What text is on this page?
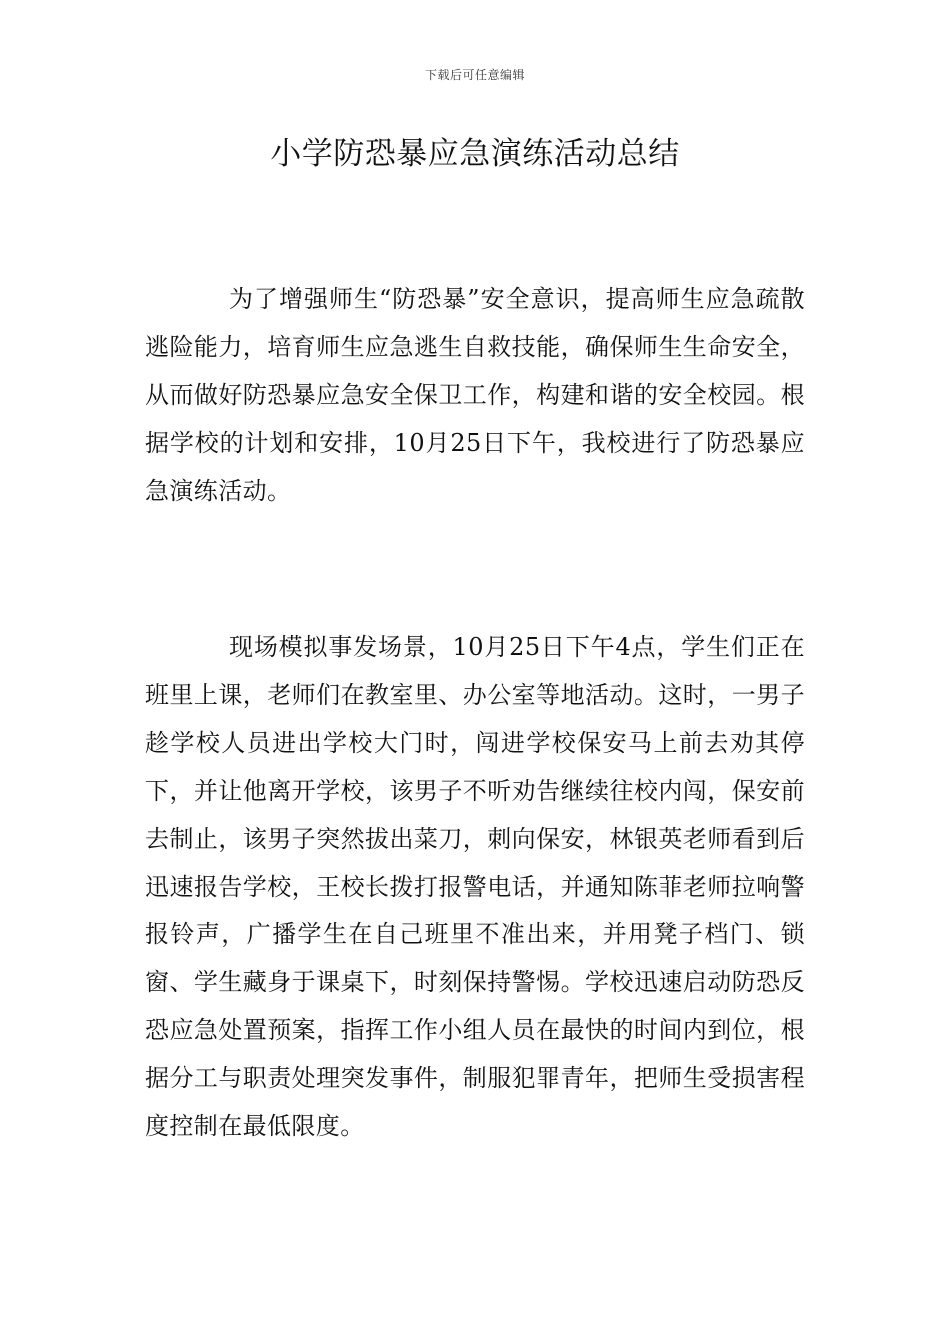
下载后可任意编辑
小学防恐暴应急演练活动总结

为了增强师生“防恐暴”安全意识，提高师生应急疏散逃险能力，培育师生应急逃生自救技能，确保师生生命安全，从而做好防恐暴应急安全保卫工作，构建和谐的安全校园。根据学校的计划和安排，10月25日下午，我校进行了防恐暴应急演练活动。

现场模拟事发场景，10月25日下午4点，学生们正在班里上课，老师们在教室里、办公室等地活动。这时，一男子趁学校人员进出学校大门时，闯进学校保安马上前去劝其停下，并让他离开学校，该男子不听劝告继续往校内闯，保安前去制止，该男子突然拔出菜刀，刺向保安，林银英老师看到后迅速报告学校，王校长拨打报警电话，并通知陈菲老师拉响警报铃声，广播学生在自己班里不准出来，并用凳子档门、锁窗、学生藏身于课桌下，时刻保持警惕。学校迅速启动防恐反恐应急处置预案，指挥工作小组人员在最快的时间内到位，根据分工与职责处理突发事件，制服犯罪青年，把师生受损害程度控制在最低限度。
